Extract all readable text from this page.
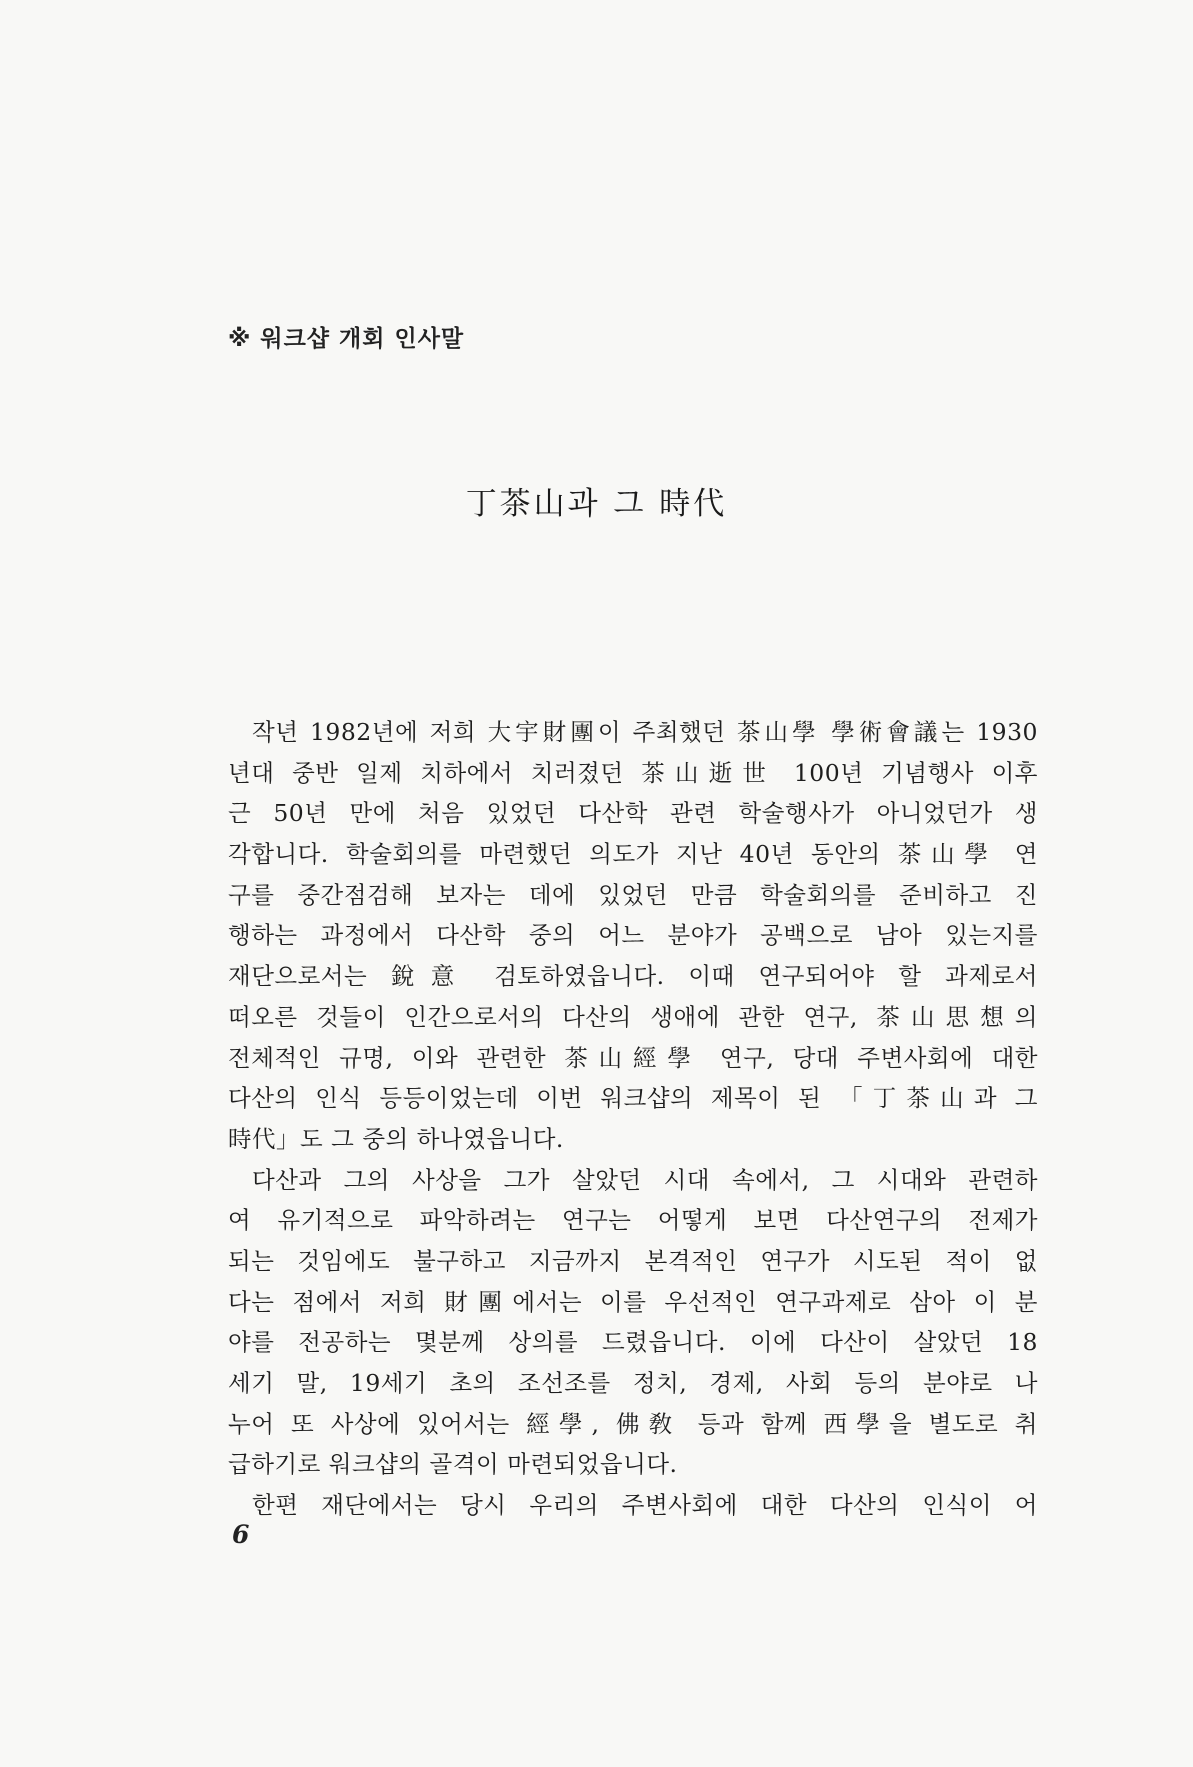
※ 워크샵 개회 인사말
丁茶山과 그 時代
작년 1982년에 저희 大宇財團이 주최했던 茶山學 學術會議는 1930
년대 중반 일제 치하에서 치러졌던 茶山逝世 100년 기념행사 이후
근 50년 만에 처음 있었던 다산학 관련 학술행사가 아니었던가 생
각합니다. 학술회의를 마련했던 의도가 지난 40년 동안의 茶山學 연
구를 중간점검해 보자는 데에 있었던 만큼 학술회의를 준비하고 진
행하는 과정에서 다산학 중의 어느 분야가 공백으로 남아 있는지를
재단으로서는 銳意 검토하였읍니다. 이때 연구되어야 할 과제로서
떠오른 것들이 인간으로서의 다산의 생애에 관한 연구, 茶山思想의
전체적인 규명, 이와 관련한 茶山經學 연구, 당대 주변사회에 대한
다산의 인식 등등이었는데 이번 워크샵의 제목이 된 「丁茶山과 그
時代」도 그 중의 하나였읍니다.
다산과 그의 사상을 그가 살았던 시대 속에서, 그 시대와 관련하
여 유기적으로 파악하려는 연구는 어떻게 보면 다산연구의 전제가
되는 것임에도 불구하고 지금까지 본격적인 연구가 시도된 적이 없
다는 점에서 저희 財團에서는 이를 우선적인 연구과제로 삼아 이 분
야를 전공하는 몇분께 상의를 드렸읍니다. 이에 다산이 살았던 18
세기 말, 19세기 초의 조선조를 정치, 경제, 사회 등의 분야로 나
누어 또 사상에 있어서는 經學, 佛敎 등과 함께 西學을 별도로 취
급하기로 워크샵의 골격이 마련되었읍니다.
한편 재단에서는 당시 우리의 주변사회에 대한 다산의 인식이 어
6
